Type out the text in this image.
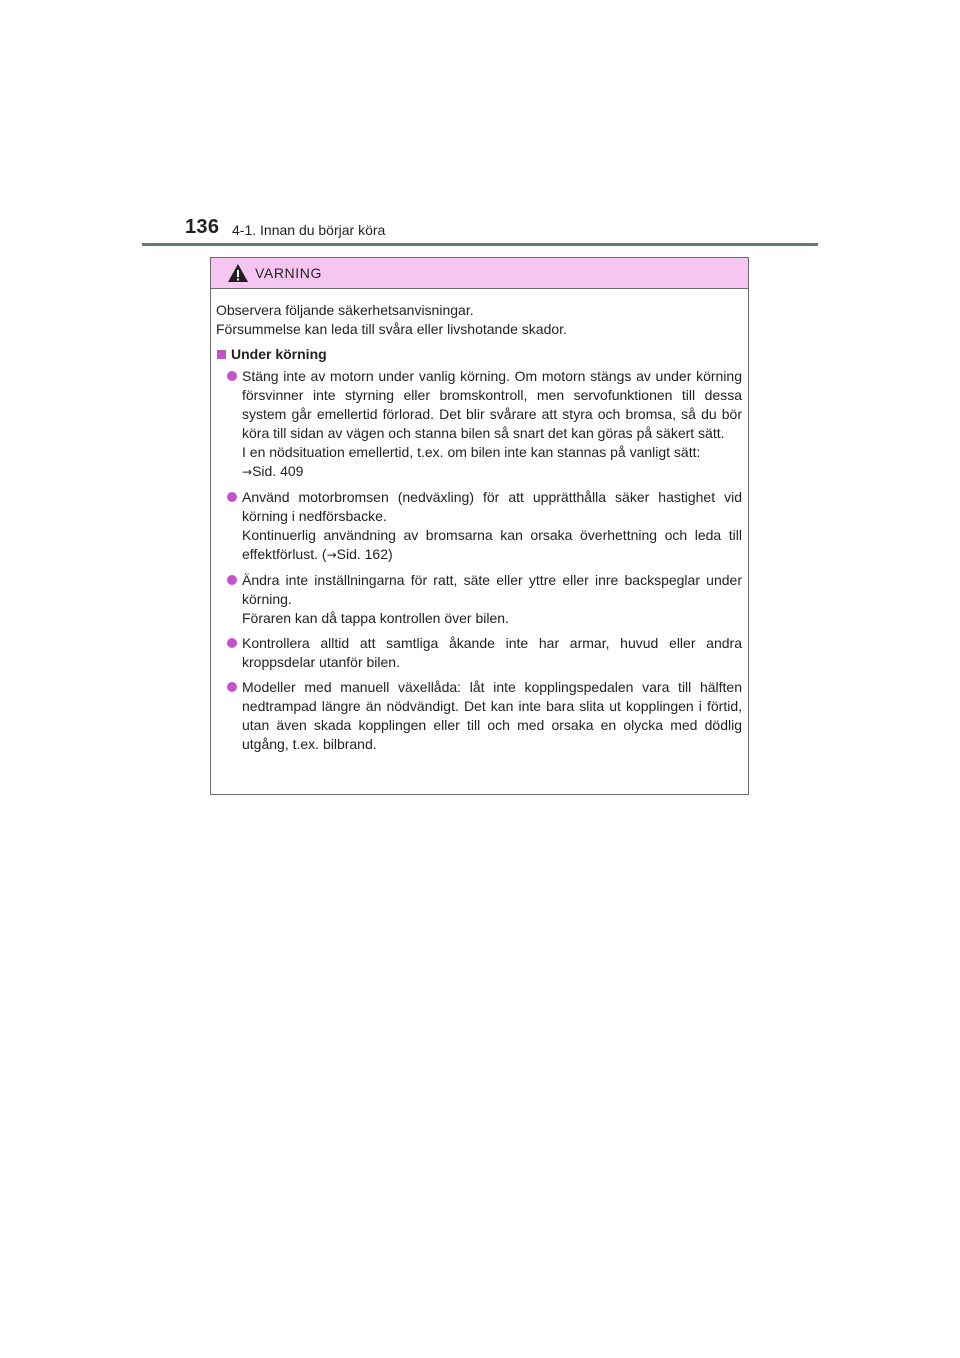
136 4-1. Innan du börjar köra
VARNING

Observera följande säkerhetsanvisningar.

Försummelse kan leda till svåra eller livshotande skador.

Under körning

Stäng inte av motorn under vanlig körning. Om motorn stängs av under körning försvinner inte styrning eller bromskontroll, men servofunktionen till dessa system går emellertid förlorad. Det blir svårare att styra och bromsa, så du bör köra till sidan av vägen och stanna bilen så snart det kan göras på säkert sätt.

I en nödsituation emellertid, t.ex. om bilen inte kan stannas på vanligt sätt:

→Sid. 409

Använd motorbromsen (nedväxling) för att upprätthålla säker hastighet vid körning i nedförsbacke.

Kontinuerlig användning av bromsarna kan orsaka överhettning och leda till effektförlust. (→Sid. 162)

Ändra inte inställningarna för ratt, säte eller yttre eller inre backspeglar under körning.

Föraren kan då tappa kontrollen över bilen.

Kontrollera alltid att samtliga åkande inte har armar, huvud eller andra kroppsdelar utanför bilen.

Modeller med manuell växellåda: låt inte kopplingspedalen vara till hälften nedtrampad längre än nödvändigt. Det kan inte bara slita ut kopplingen i förtid, utan även skada kopplingen eller till och med orsaka en olycka med dödlig utgång, t.ex. bilbrand.
